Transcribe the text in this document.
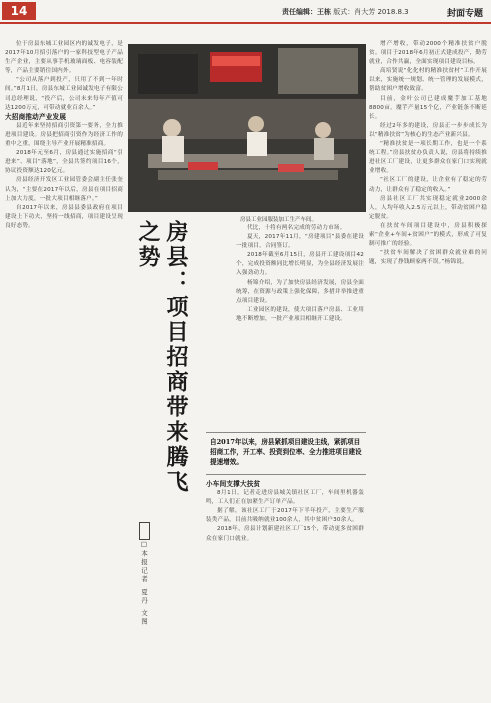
14	责任编辑：王栋 版式：肖大芳 2018.8.3	封面专题

位于房县东城工业园区内的诚发电子，是2017年10月招引落户的一家科技型电子产品生产企业，主要从事手机玻璃面板、电容装配等，产品主要销往国内外。

“公司从落户到投产，只用了不到一年时间。”8月1日，房县东城工业园诚发电子有限公司总经理说，“投产后，公司未来每年产值可达1200万元，可带动就业百余人。”

大招商推动产业发展

县近年来坚持招商引资第一要务，全力推进项目建设。房县把招商引资作为经济工作的重中之重，围绕主导产业开展精准招商。

2018年元至6月，房县通过实施招商“引进来”、项目“落地”，全县共签约项目16个，协议投资额达120亿元。

房县经济开发区工业园管委会副主任张奎认为，“主要在2017年以后，房县在项目招商上加大力度，一批大项目相继落户。”

自2017年以来，房县县委县政府在项目建设上下功夫，坚持一线招商，项目建设呈现良好态势。

房县工业园服装加工生产车间。
房县：项目招商带来腾飞之势
□本报记者 夏丹 文图

代比，十将有两名完成的劳动力市场。

夏天，2017年11月，“房建项目”县委在建设一批项目，合同签订。

2018年截至6月15日，房县开工建设项目42个，完成投资额同比增长明显，为全县经济发展注入强劲动力。

杨锦介绍，为了加快房县经济发展，房县全面统筹，在资源与政策上强化保障，多措并举推进重点项目建设。

工业园区的建设，使大项目落户房县、工业用地不断增加，一批产业项目相继开工建设。

自2017年以来，房县紧抓项目建设主线，紧抓项目招商工作，开工率、投资到位率、全力推进项目建设提速增效。

小车间支撑大扶贫

8月1日，记者走进房县城关镇社区工厂，车间里机器轰鸣，工人们正在加紧生产订单产品。

据了解，该社区工厂于2017年下半年投产，主要生产服装类产品，目前共吸纳就业100余人，其中贫困户30余人。

2018年，房县计划新建社区工厂15个，带动更多贫困群众在家门口就业。

增产增收，带动2000个精准扶贫户脱贫。项目于2018年6月初正式建成投产，勤劳就业，合作共赢，全面实现项目建设目标。

高培贤说“化化村的精准扶贫村”工作开展以来，实施统一规划、统一管理的发展模式，帮助贫困户增收致富。

目前，金叶公司已建成魔芋加工基地8800亩，魔芋产量15个亿，产业链条不断延长。

经过2年多的建设，房县正一步步成长为以“精准扶贫”为核心的生态产业新兴县。

“精准扶贫是一项长期工作，也是一个系统工程。”房县扶贫办负责人说，房县将持续推进社区工厂建设，让更多群众在家门口实现就业增收。

“社区工厂的建设，让企业有了稳定的劳动力，让群众有了稳定的收入。”

房县社区工厂共实现稳定就业2000余人，人均年收入2.5万元以上，带动贫困户稳定脱贫。

在扶贫车间项目建设中，房县积极探索“企业+车间+贫困户”的模式，形成了可复制可推广的经验。

“扶贫车间解决了贫困群众就业难的问题，实现了挣钱顾家两不误。”杨锦说。
